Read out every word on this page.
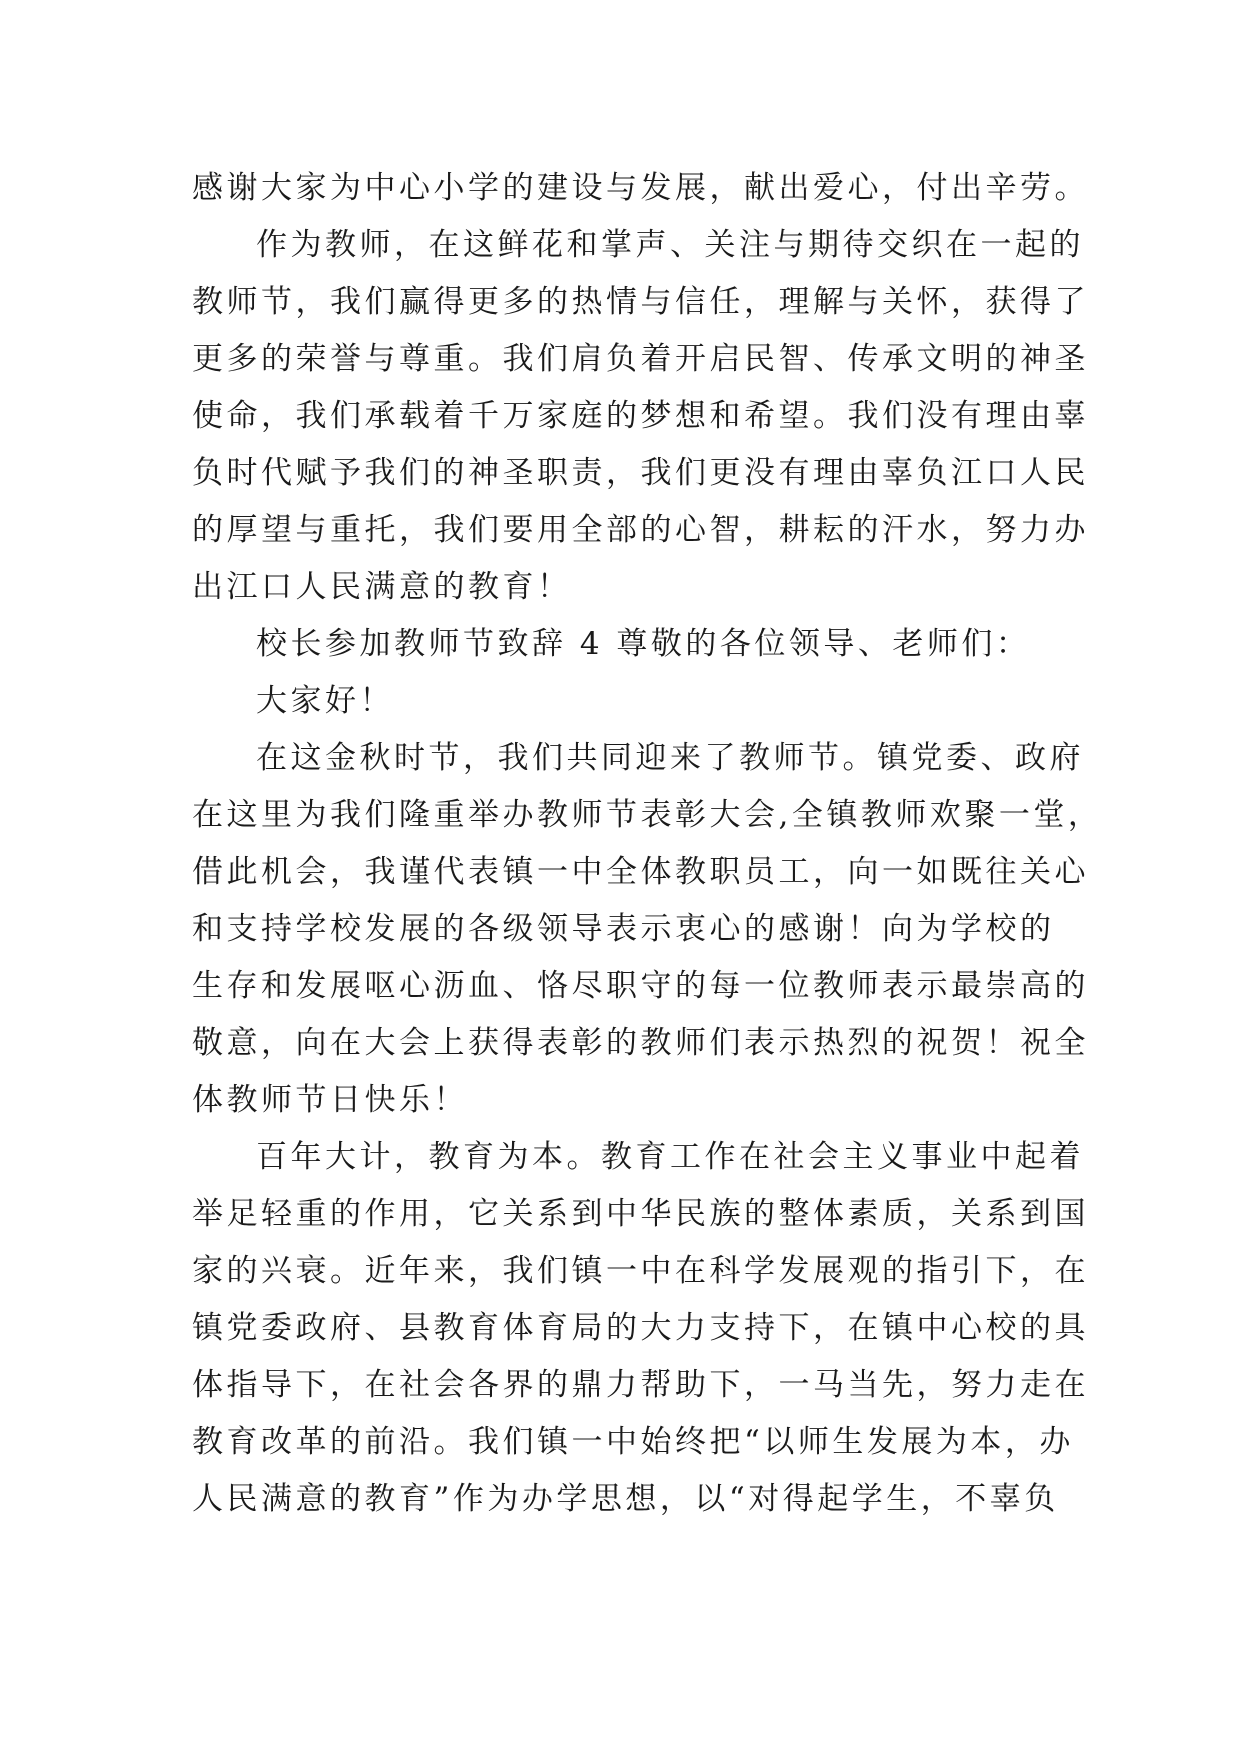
感谢大家为中心小学的建设与发展，献出爱心，付出辛劳。
作为教师，在这鲜花和掌声、关注与期待交织在一起的
教师节，我们赢得更多的热情与信任，理解与关怀，获得了
更多的荣誉与尊重。我们肩负着开启民智、传承文明的神圣
使命，我们承载着千万家庭的梦想和希望。我们没有理由辜
负时代赋予我们的神圣职责，我们更没有理由辜负江口人民
的厚望与重托，我们要用全部的心智，耕耘的汗水，努力办
出江口人民满意的教育！
校长参加教师节致辞 4 尊敬的各位领导、老师们：
大家好！
在这金秋时节，我们共同迎来了教师节。镇党委、政府
在这里为我们隆重举办教师节表彰大会,全镇教师欢聚一堂，
借此机会，我谨代表镇一中全体教职员工，向一如既往关心
和支持学校发展的各级领导表示衷心的感谢！向为学校的
生存和发展呕心沥血、恪尽职守的每一位教师表示最崇高的
敬意，向在大会上获得表彰的教师们表示热烈的祝贺！祝全
体教师节日快乐！
百年大计，教育为本。教育工作在社会主义事业中起着
举足轻重的作用，它关系到中华民族的整体素质，关系到国
家的兴衰。近年来，我们镇一中在科学发展观的指引下，在
镇党委政府、县教育体育局的大力支持下，在镇中心校的具
体指导下，在社会各界的鼎力帮助下，一马当先，努力走在
教育改革的前沿。我们镇一中始终把“以师生发展为本，办
人民满意的教育”作为办学思想，以“对得起学生，不辜负
